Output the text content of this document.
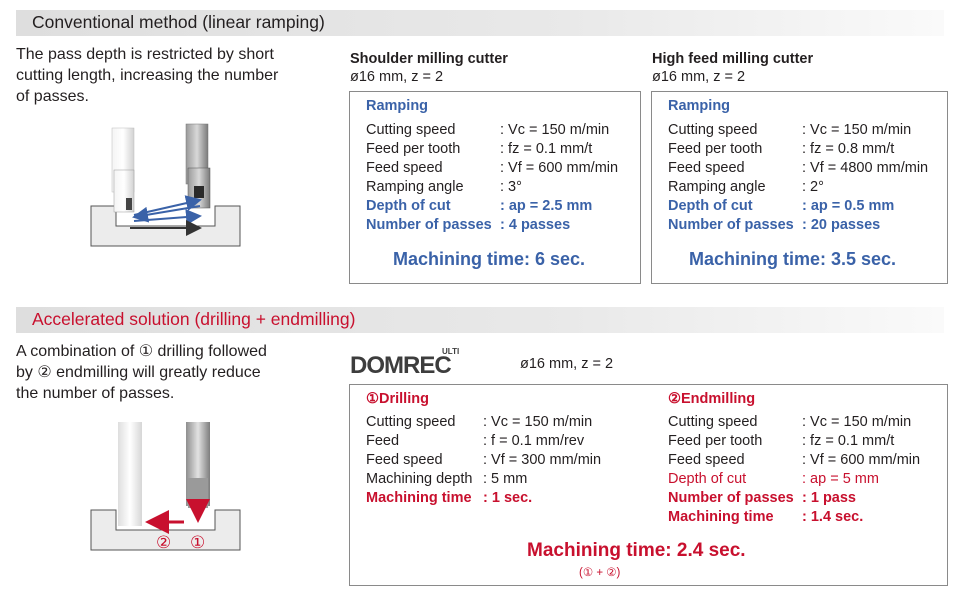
Conventional method (linear ramping)
The pass depth is restricted by short
cutting length, increasing the number
of passes.
Shoulder milling cutter
ø16 mm, z = 2
Ramping
Cutting speed	: Vc = 150 m/min
Feed per tooth	: fz = 0.1 mm/t
Feed speed	: Vf = 600 mm/min
Ramping angle	: 3°
Depth of cut	: ap = 2.5 mm
Number of passes : 4 passes
Machining time: 6 sec.
High feed milling cutter
ø16 mm, z = 2
Ramping
Cutting speed	: Vc = 150 m/min
Feed per tooth	: fz = 0.8 mm/t
Feed speed	: Vf = 4800 mm/min
Ramping angle	: 2°
Depth of cut	: ap = 0.5 mm
Number of passes : 20 passes
Machining time: 3.5 sec.
Accelerated solution (drilling + endmilling)
A combination of ① drilling followed
by ② endmilling will greatly reduce
the number of passes.
② ①
DOMREC
ULTI
ø16 mm, z = 2
①Drilling
Cutting speed : Vc = 150 m/min
Feed	: f = 0.1 mm/rev
Feed speed	: Vf = 300 mm/min
Machining depth : 5 mm
Machining time : 1 sec.
②Endmilling
Cutting speed	: Vc = 150 m/min
Feed per tooth	: fz = 0.1 mm/t
Feed speed	: Vf = 600 mm/min
Depth of cut	: ap = 5 mm
Number of passes : 1 pass
Machining time : 1.4 sec.
Machining time: 2.4 sec.
(① + ②)
